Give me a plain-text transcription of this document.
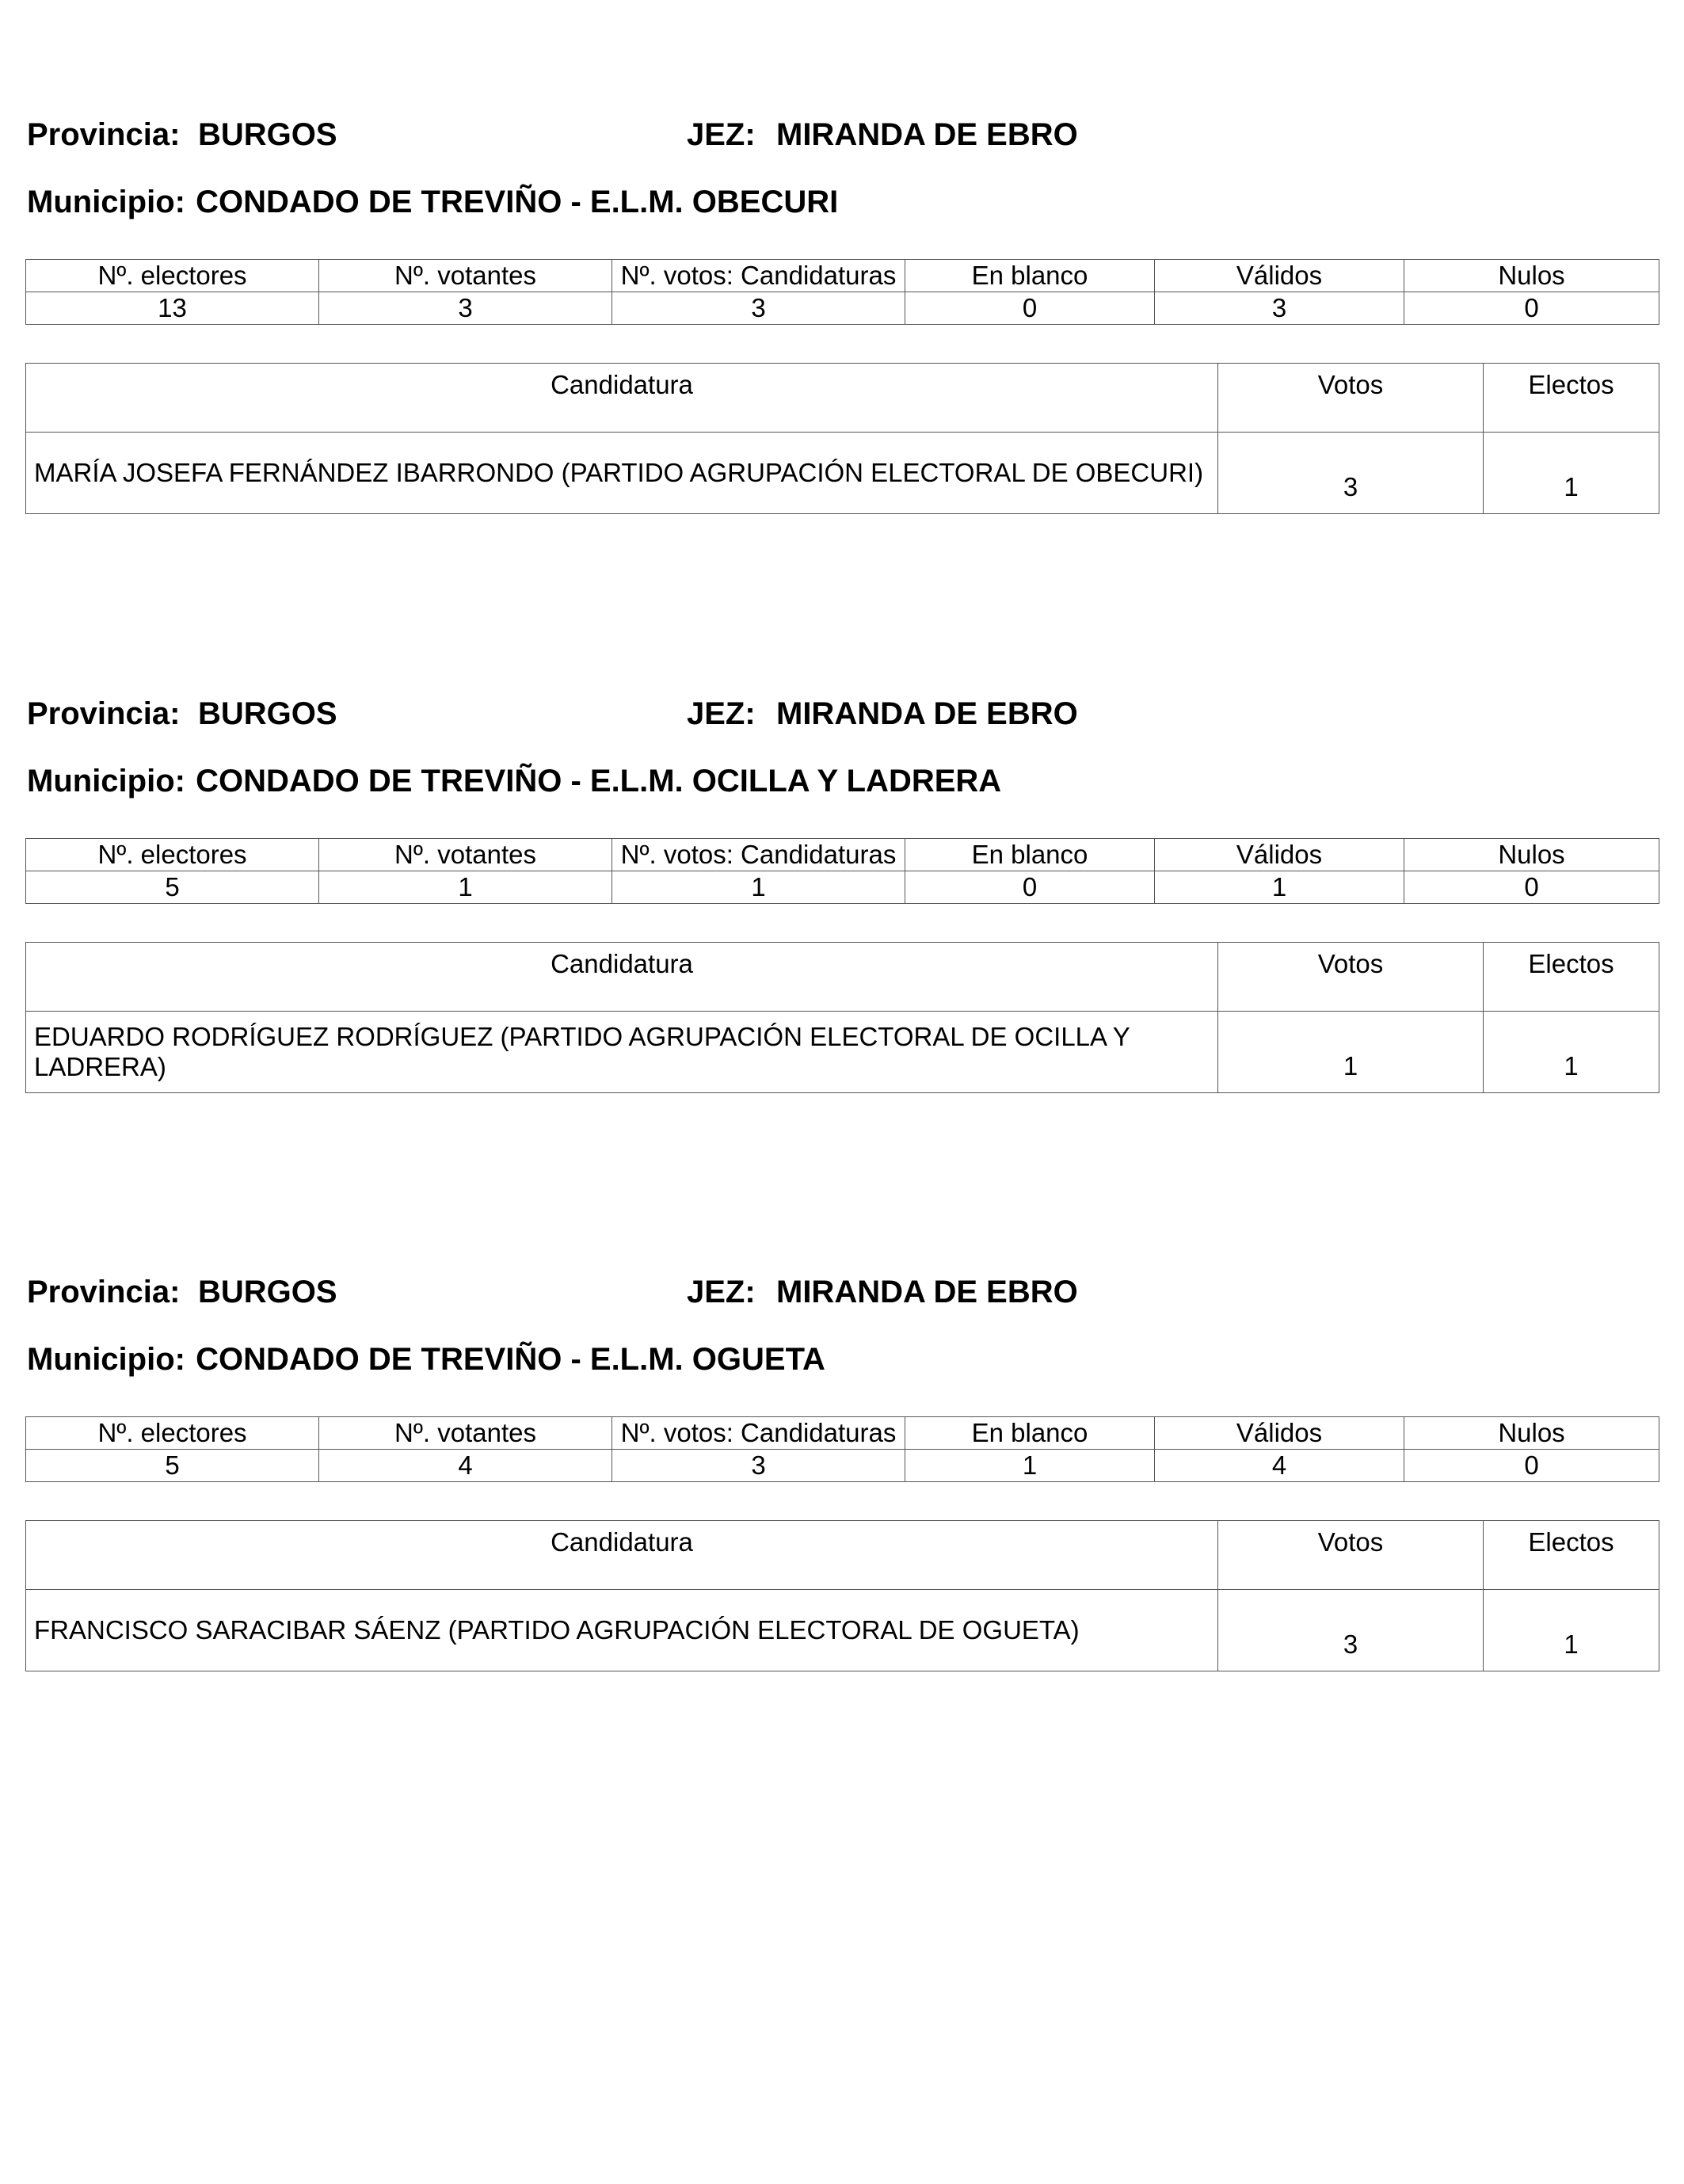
Provincia: BURGOS	JEZ: MIRANDA DE EBRO
Municipio: CONDADO DE TREVIÑO - E.L.M. OBECURI
Nº. electores	Nº. votantes	Nº. votos: Candidaturas	En blanco	Válidos	Nulos
13	3	3	0	3	0
Candidatura	Votos	Electos
MARÍA JOSEFA FERNÁNDEZ IBARRONDO (PARTIDO AGRUPACIÓN ELECTORAL DE OBECURI)	3	1
Provincia: BURGOS	JEZ: MIRANDA DE EBRO
Municipio: CONDADO DE TREVIÑO - E.L.M. OCILLA Y LADRERA
Nº. electores	Nº. votantes	Nº. votos: Candidaturas	En blanco	Válidos	Nulos
5	1	1	0	1	0
Candidatura	Votos	Electos
EDUARDO RODRÍGUEZ RODRÍGUEZ (PARTIDO AGRUPACIÓN ELECTORAL DE OCILLA Y LADRERA)	1	1
Provincia: BURGOS	JEZ: MIRANDA DE EBRO
Municipio: CONDADO DE TREVIÑO - E.L.M. OGUETA
Nº. electores	Nº. votantes	Nº. votos: Candidaturas	En blanco	Válidos	Nulos
5	4	3	1	4	0
Candidatura	Votos	Electos
FRANCISCO SARACIBAR SÁENZ (PARTIDO AGRUPACIÓN ELECTORAL DE OGUETA)	3	1
